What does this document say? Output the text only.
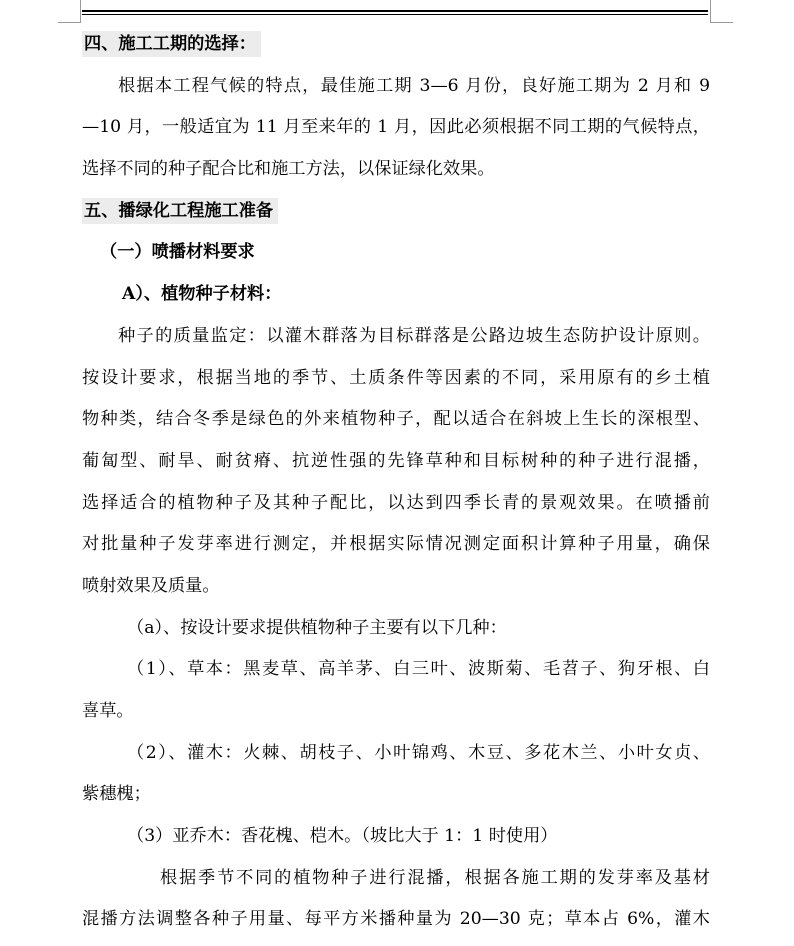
四、施工工期的选择：
根据本工程气候的特点，最佳施工期 3—6 月份，良好施工期为 2 月和 9
—10 月，一般适宜为 11 月至来年的 1 月，因此必须根据不同工期的气候特点，
选择不同的种子配合比和施工方法，以保证绿化效果。
五、播绿化工程施工准备
（一）喷播材料要求
A）、植物种子材料：
种子的质量监定：以灌木群落为目标群落是公路边坡生态防护设计原则。
按设计要求，根据当地的季节、土质条件等因素的不同，采用原有的乡土植
物种类，结合冬季是绿色的外来植物种子，配以适合在斜坡上生长的深根型、
葡匐型、耐旱、耐贫瘠、抗逆性强的先锋草种和目标树种的种子进行混播，
选择适合的植物种子及其种子配比，以达到四季长青的景观效果。在喷播前
对批量种子发芽率进行测定，并根据实际情况测定面积计算种子用量，确保
喷射效果及质量。
（a）、按设计要求提供植物种子主要有以下几种：
（1）、草本：黑麦草、高羊茅、白三叶、波斯菊、毛苕子、狗牙根、白
喜草。
（2）、灌木：火棘、胡枝子、小叶锦鸡、木豆、多花木兰、小叶女贞、
紫穗槐；
（3）亚乔木：香花槐、桤木。（坡比大于 1：1 时使用）
根据季节不同的植物种子进行混播，根据各施工期的发芽率及基材
混播方法调整各种子用量、每平方米播种量为 20—30 克；草本占 6%，灌木
